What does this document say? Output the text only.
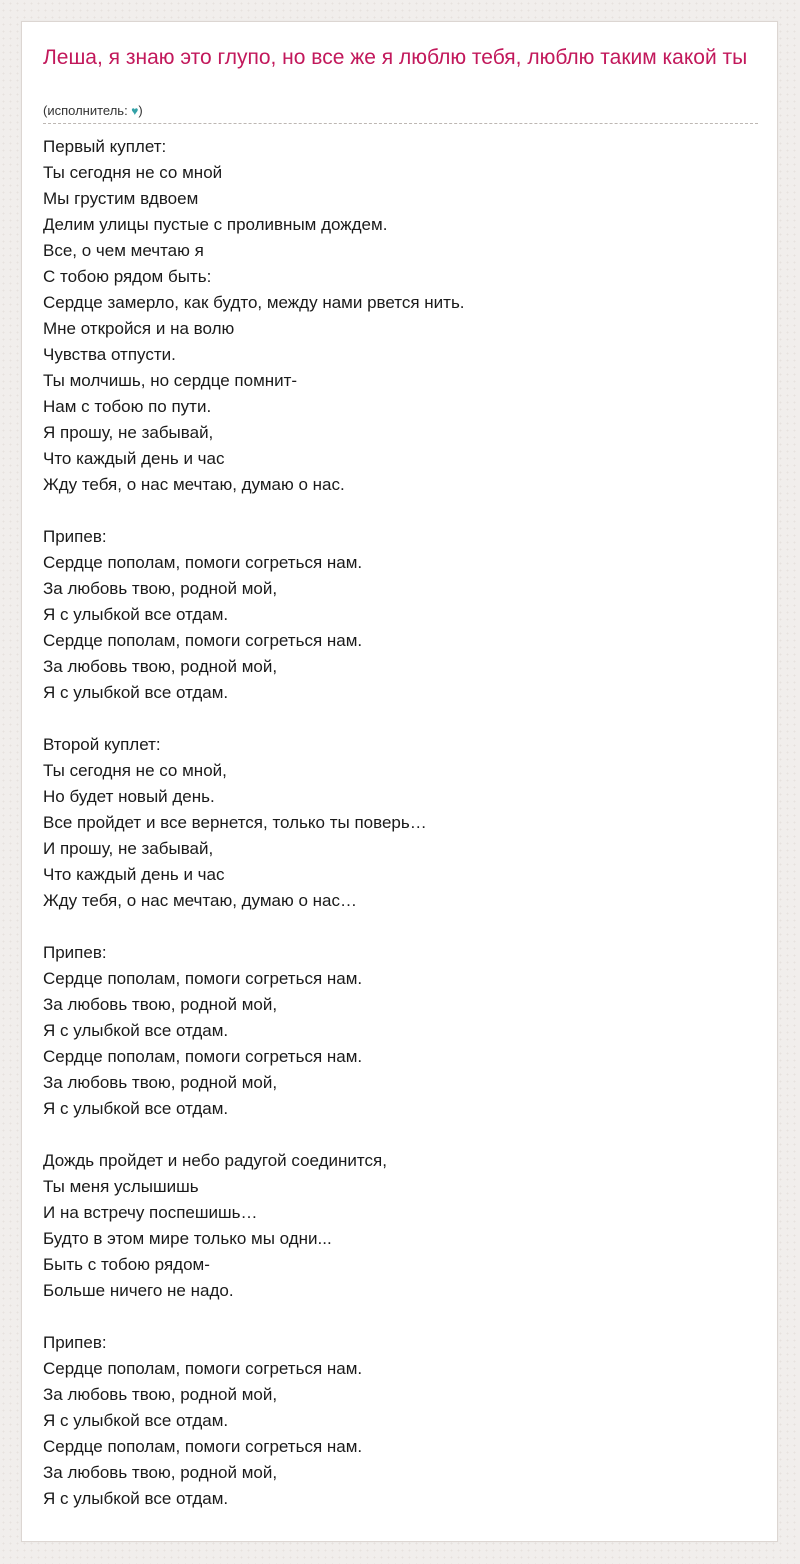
Леша, я знаю это глупо, но все же я люблю тебя, люблю таким какой ты
(исполнитель: ♥)
Первый куплет:
Ты сегодня не со мной
Мы грустим вдвоем
Делим улицы пустые с проливным дождем.
Все, о чем мечтаю я
С тобою рядом быть:
Сердце замерло, как будто, между нами рвется нить.
Мне откройся и на волю
Чувства отпусти.
Ты молчишь, но сердце помнит-
Нам с тобою по пути.
Я прошу, не забывай,
Что каждый день и час
Жду тебя, о нас мечтаю, думаю о нас.
Припев:
Сердце пополам, помоги согреться нам.
За любовь твою, родной мой,
Я с улыбкой все отдам.
Сердце пополам, помоги согреться нам.
За любовь твою, родной мой,
Я с улыбкой все отдам.
Второй куплет:
Ты сегодня не со мной,
Но будет новый день.
Все пройдет и все вернется, только ты поверь…
И прошу, не забывай,
Что каждый день и час
Жду тебя, о нас мечтаю, думаю о нас…
Припев:
Сердце пополам, помоги согреться нам.
За любовь твою, родной мой,
Я с улыбкой все отдам.
Сердце пополам, помоги согреться нам.
За любовь твою, родной мой,
Я с улыбкой все отдам.
Дождь пройдет и небо радугой соединится,
Ты меня услышишь
И на встречу поспешишь…
Будто в этом мире только мы одни...
Быть с тобою рядом-
Больше ничего не надо.
Припев:
Сердце пополам, помоги согреться нам.
За любовь твою, родной мой,
Я с улыбкой все отдам.
Сердце пополам, помоги согреться нам.
За любовь твою, родной мой,
Я с улыбкой все отдам.
